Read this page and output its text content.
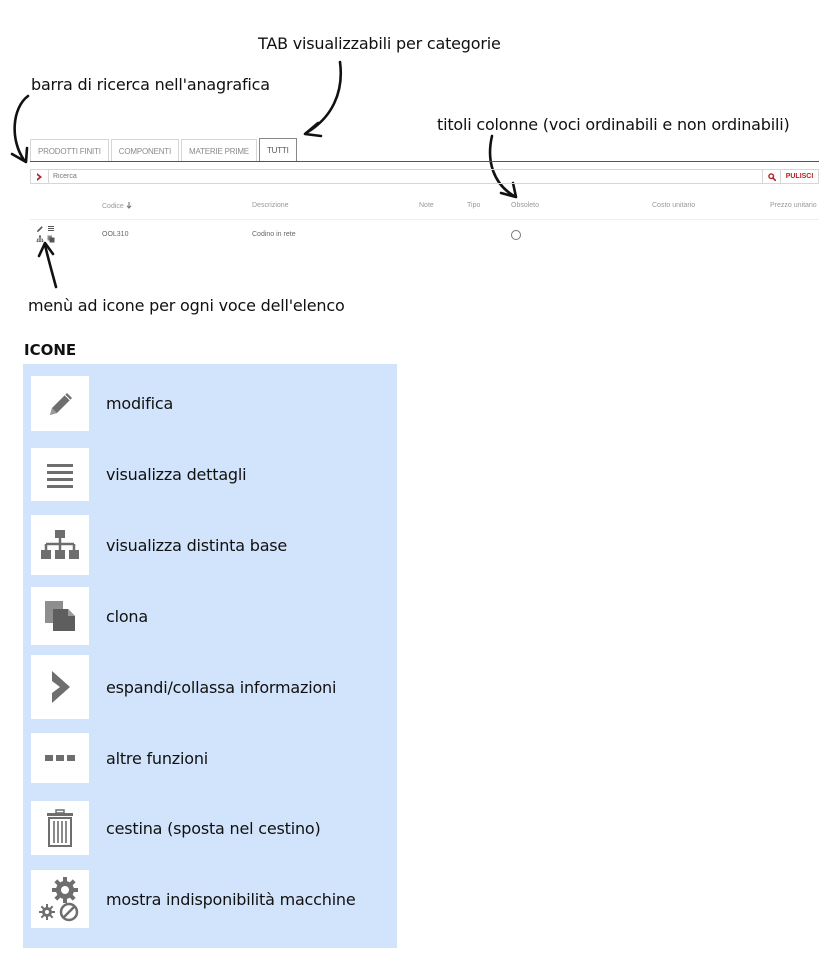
TAB visualizzabili per categorie
barra di ricerca nell'anagrafica
titoli colonne (voci ordinabili e non ordinabili)
menù ad icone per ogni voce dell'elenco
PRODOTTI FINITI	COMPONENTI	MATERIE PRIME	TUTTI
Ricerca
PULISCI
Codice	Descrizione	Note	Tipo	Obsoleto	Costo unitario	Prezzo unitario
OOL310	Codino in rete
ICONE
modifica
visualizza dettagli
visualizza distinta base
clona
espandi/collassa informazioni
altre funzioni
cestina (sposta nel cestino)
mostra indisponibilità macchine
